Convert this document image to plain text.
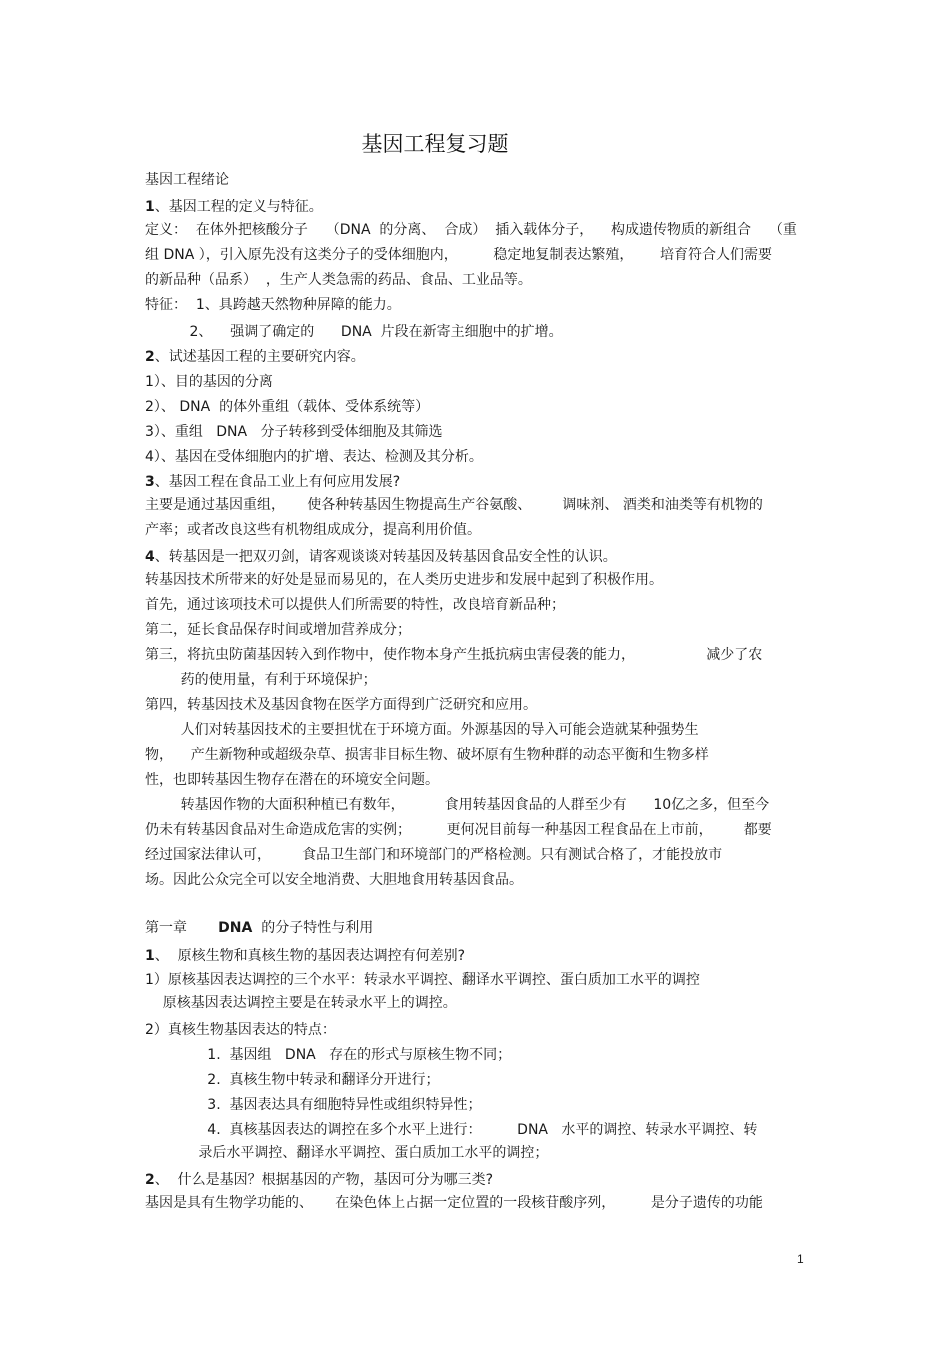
基因工程复习题
基因工程绪论
1、基因工程的定义与特征。
定义：  在体外把核酸分子    （DNA  的分离、  合成）  插入载体分子，    构成遗传物质的新组合    （重
组 DNA ），引入原先没有这类分子的受体细胞内，        稳定地复制表达繁殖，      培育符合人们需要
的新品种（品系）  ，生产人类急需的药品、食品、工业品等。
特征：  1、具跨越天然物种屏障的能力。
2、    强调了确定的      DNA  片段在新寄主细胞中的扩增。
2、试述基因工程的主要研究内容。
1）、目的基因的分离
2）、 DNA  的体外重组（载体、受体系统等）
3）、重组   DNA   分子转移到受体细胞及其筛选
4）、基因在受体细胞内的扩增、表达、检测及其分析。
3、基因工程在食品工业上有何应用发展?
主要是通过基因重组，     使各种转基因生物提高生产谷氨酸、       调味剂、 酒类和油类等有机物的
产率；或者改良这些有机物组成成分，提高利用价值。
4、转基因是一把双刃剑，请客观谈谈对转基因及转基因食品安全性的认识。
转基因技术所带来的好处是显而易见的，在人类历史进步和发展中起到了积极作用。
首先，通过该项技术可以提供人们所需要的特性，改良培育新品种；
第二，延长食品保存时间或增加营养成分；
第三，将抗虫防菌基因转入到作物中，使作物本身产生抵抗病虫害侵袭的能力，                减少了农
药的使用量，有利于环境保护；
第四，转基因技术及基因食物在医学方面得到广泛研究和应用。
人们对转基因技术的主要担忧在于环境方面。外源基因的导入可能会造就某种强势生
物，    产生新物种或超级杂草、损害非目标生物、破坏原有生物种群的动态平衡和生物多样
性，也即转基因生物存在潜在的环境安全问题。
转基因作物的大面积种植已有数年，         食用转基因食品的人群至少有      10亿之多，但至今
仍未有转基因食品对生命造成危害的实例；        更何况目前每一种基因工程食品在上市前，       都要
经过国家法律认可，       食品卫生部门和环境部门的严格检测。只有测试合格了，才能投放市
场。因此公众完全可以安全地消费、大胆地食用转基因食品。
第一章       DNA  的分子特性与利用
1、  原核生物和真核生物的基因表达调控有何差别?
1）原核基因表达调控的三个水平：转录水平调控、翻译水平调控、蛋白质加工水平的调控
原核基因表达调控主要是在转录水平上的调控。
2）真核生物基因表达的特点：
1.  基因组   DNA   存在的形式与原核生物不同；
2.  真核生物中转录和翻译分开进行；
3.  基因表达具有细胞特异性或组织特异性；
4.  真核基因表达的调控在多个水平上进行：        DNA   水平的调控、转录水平调控、转
录后水平调控、翻译水平调控、蛋白质加工水平的调控；
2、  什么是基因？根据基因的产物，基因可分为哪三类?
基因是具有生物学功能的、     在染色体上占据一定位置的一段核苷酸序列，        是分子遗传的功能
1
